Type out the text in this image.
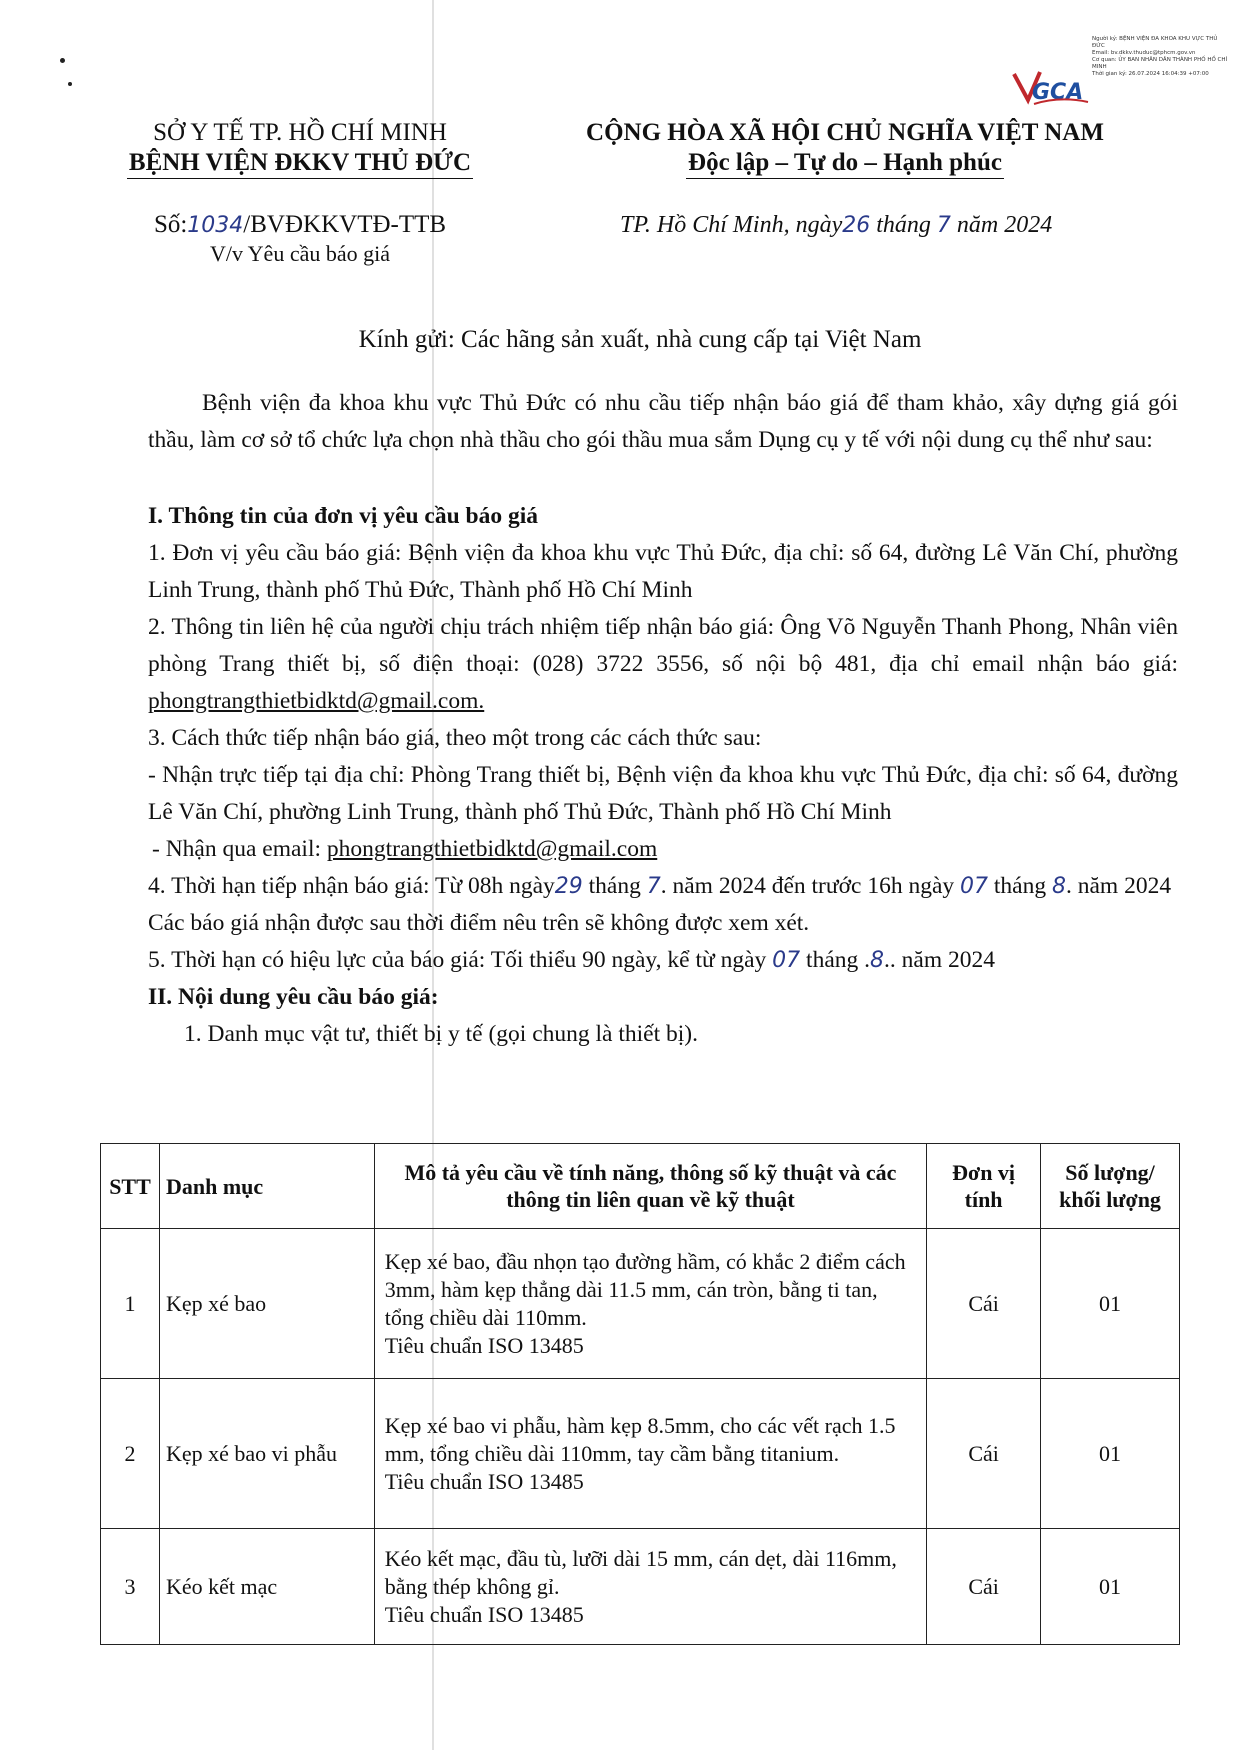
GCA
Người ký: BỆNH VIỆN ĐA KHOA KHU VỰC THỦ ĐỨC
Email: bv.dkkv.thuduc@tphcm.gov.vn
Cơ quan: ỦY BAN NHÂN DÂN THÀNH PHỐ HỒ CHÍ MINH
Thời gian ký: 26.07.2024 16:04:39 +07:00
SỞ Y TẾ TP. HỒ CHÍ MINH
BỆNH VIỆN ĐKKV THỦ ĐỨC
Số:1034/BVĐKKVTĐ-TTB
V/v Yêu cầu báo giá
CỘNG HÒA XÃ HỘI CHỦ NGHĨA VIỆT NAM
Độc lập – Tự do – Hạnh phúc
TP. Hồ Chí Minh, ngày26 tháng 7 năm 2024
Kính gửi: Các hãng sản xuất, nhà cung cấp tại Việt Nam
Bệnh viện đa khoa khu vực Thủ Đức có nhu cầu tiếp nhận báo giá để tham khảo, xây dựng giá gói thầu, làm cơ sở tổ chức lựa chọn nhà thầu cho gói thầu mua sắm Dụng cụ y tế với nội dung cụ thể như sau:
I. Thông tin của đơn vị yêu cầu báo giá
1. Đơn vị yêu cầu báo giá: Bệnh viện đa khoa khu vực Thủ Đức, địa chỉ: số 64, đường Lê Văn Chí, phường Linh Trung, thành phố Thủ Đức, Thành phố Hồ Chí Minh
2. Thông tin liên hệ của người chịu trách nhiệm tiếp nhận báo giá: Ông Võ Nguyễn Thanh Phong, Nhân viên phòng Trang thiết bị, số điện thoại: (028) 3722 3556, số nội bộ 481, địa chỉ email nhận báo giá: phongtrangthietbidktd@gmail.com.
3. Cách thức tiếp nhận báo giá, theo một trong các cách thức sau:
- Nhận trực tiếp tại địa chỉ: Phòng Trang thiết bị, Bệnh viện đa khoa khu vực Thủ Đức, địa chỉ: số 64, đường Lê Văn Chí, phường Linh Trung, thành phố Thủ Đức, Thành phố Hồ Chí Minh
- Nhận qua email: phongtrangthietbidktd@gmail.com
4. Thời hạn tiếp nhận báo giá: Từ 08h ngày29 tháng 7. năm 2024 đến trước 16h ngày 07 tháng 8. năm 2024
Các báo giá nhận được sau thời điểm nêu trên sẽ không được xem xét.
5. Thời hạn có hiệu lực của báo giá: Tối thiểu 90 ngày, kể từ ngày 07 tháng .8.. năm 2024
II. Nội dung yêu cầu báo giá:
1. Danh mục vật tư, thiết bị y tế (gọi chung là thiết bị).
STT	Danh mục	Mô tả yêu cầu về tính năng, thông số kỹ thuật và các thông tin liên quan về kỹ thuật	Đơn vị tính	Số lượng/ khối lượng
1	Kẹp xé bao	Kẹp xé bao, đầu nhọn tạo đường hầm, có khắc 2 điểm cách 3mm, hàm kẹp thẳng dài 11.5 mm, cán tròn, bằng ti tan, tổng chiều dài 110mm.
Tiêu chuẩn ISO 13485	Cái	01
2	Kẹp xé bao vi phẫu	Kẹp xé bao vi phẫu, hàm kẹp 8.5mm, cho các vết rạch 1.5 mm, tổng chiều dài 110mm, tay cầm bằng titanium.
Tiêu chuẩn ISO 13485	Cái	01
3	Kéo kết mạc	Kéo kết mạc, đầu tù, lưỡi dài 15 mm, cán dẹt, dài 116mm, bằng thép không gỉ.
Tiêu chuẩn ISO 13485	Cái	01
